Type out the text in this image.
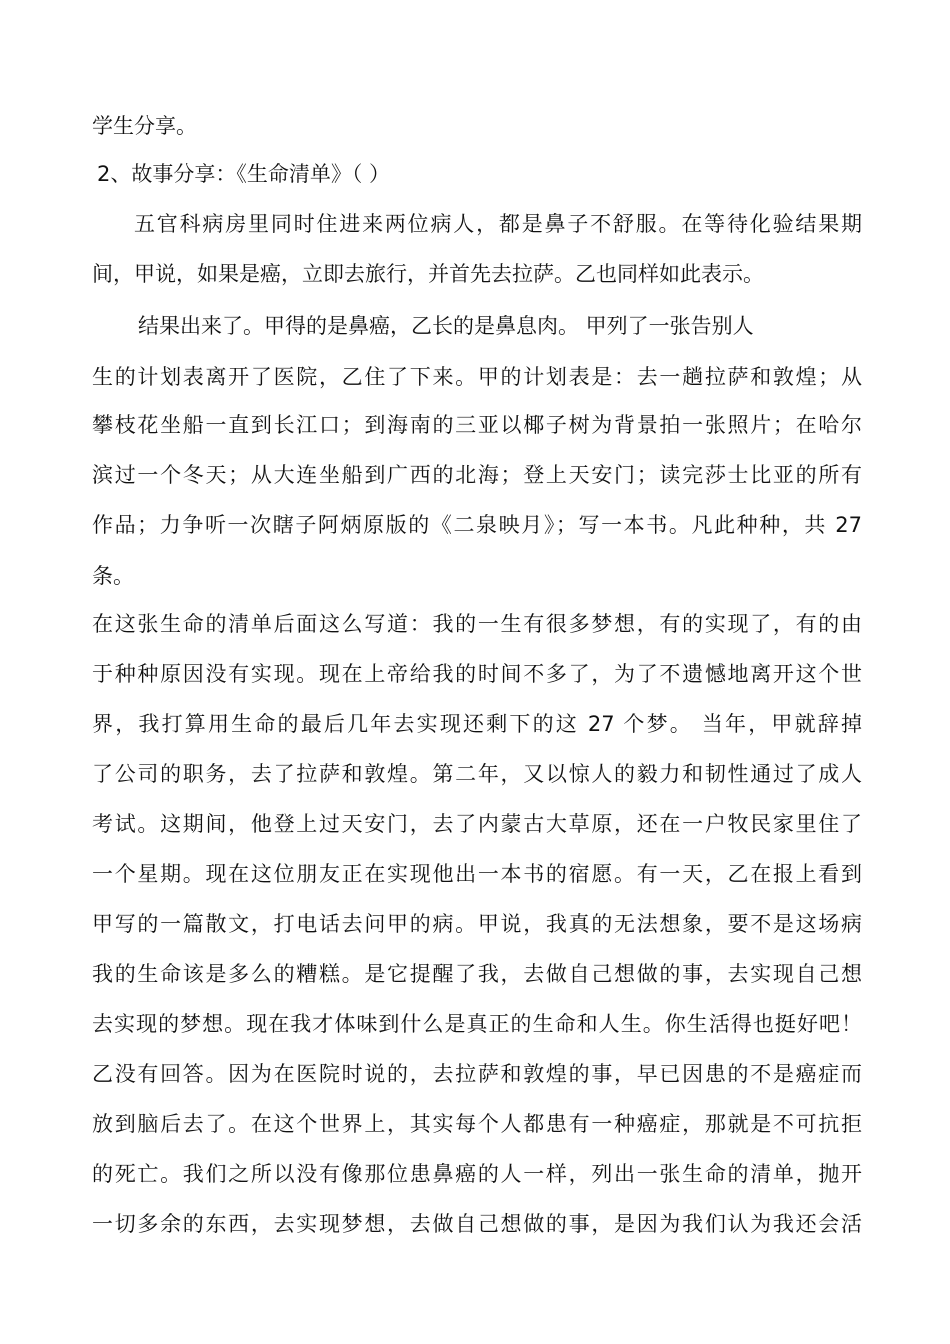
学生分享。
2、故事分享：《生命清单》（ ）
五官科病房里同时住进来两位病人，都是鼻子不舒服。在等待化验结果期
间，甲说，如果是癌，立即去旅行，并首先去拉萨。乙也同样如此表示。
结果出来了。甲得的是鼻癌，乙长的是鼻息肉。 甲列了一张告别人
生的计划表离开了医院，乙住了下来。甲的计划表是：去一趟拉萨和敦煌；从
攀枝花坐船一直到长江口；到海南的三亚以椰子树为背景拍一张照片；在哈尔
滨过一个冬天；从大连坐船到广西的北海；登上天安门；读完莎士比亚的所有
作品；力争听一次瞎子阿炳原版的《二泉映月》；写一本书。凡此种种，共 27
条。
在这张生命的清单后面这么写道：我的一生有很多梦想，有的实现了，有的由
于种种原因没有实现。现在上帝给我的时间不多了，为了不遗憾地离开这个世
界，我打算用生命的最后几年去实现还剩下的这 27 个梦。 当年，甲就辞掉
了公司的职务，去了拉萨和敦煌。第二年，又以惊人的毅力和韧性通过了成人
考试。这期间，他登上过天安门，去了内蒙古大草原，还在一户牧民家里住了
一个星期。现在这位朋友正在实现他出一本书的宿愿。有一天，乙在报上看到
甲写的一篇散文，打电话去问甲的病。甲说，我真的无法想象，要不是这场病
我的生命该是多么的糟糕。是它提醒了我，去做自己想做的事，去实现自己想
去实现的梦想。现在我才体味到什么是真正的生命和人生。你生活得也挺好吧！
乙没有回答。因为在医院时说的，去拉萨和敦煌的事，早已因患的不是癌症而
放到脑后去了。在这个世界上，其实每个人都患有一种癌症，那就是不可抗拒
的死亡。我们之所以没有像那位患鼻癌的人一样，列出一张生命的清单，抛开
一切多余的东西，去实现梦想，去做自己想做的事，是因为我们认为我还会活
